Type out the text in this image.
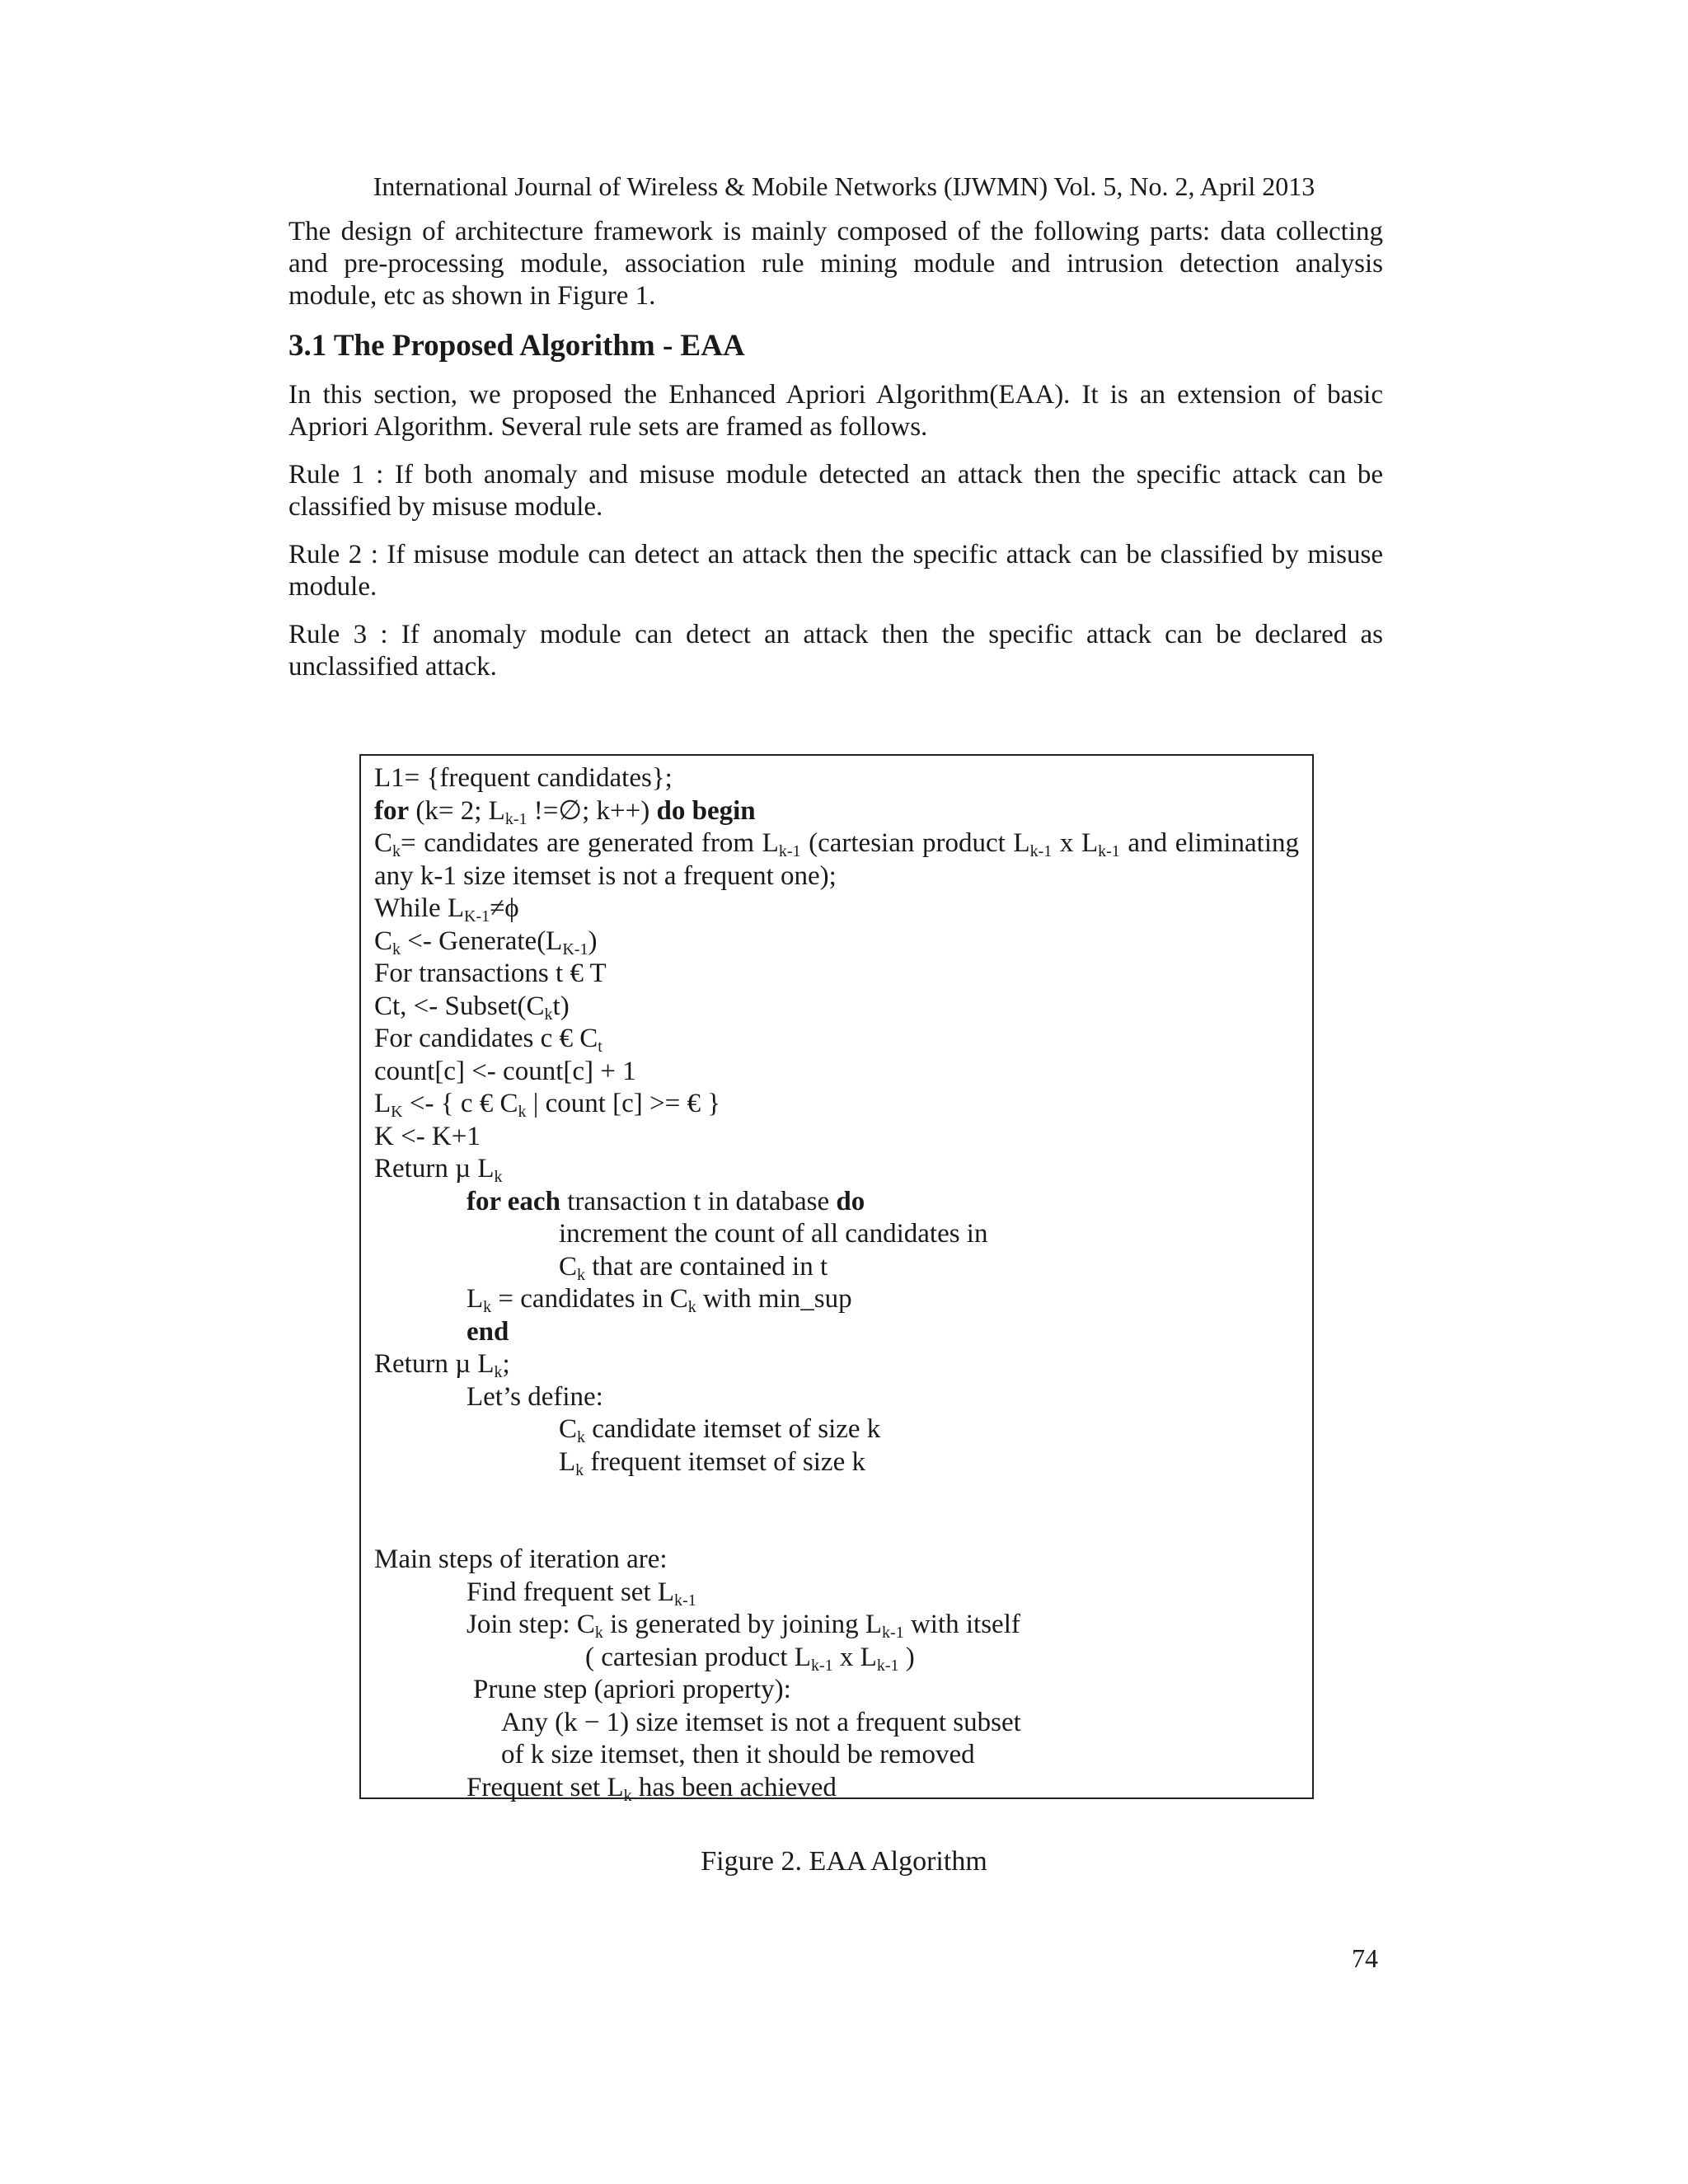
International Journal of Wireless & Mobile Networks (IJWMN) Vol. 5, No. 2, April 2013

The design of architecture framework is mainly composed of the following parts: data collecting and pre-processing module, association rule mining module and intrusion detection analysis module, etc as shown in Figure 1.

3.1 The Proposed Algorithm - EAA

In this section, we proposed the Enhanced Apriori Algorithm(EAA). It is an extension of basic Apriori Algorithm. Several rule sets are framed as follows.

Rule 1 : If both anomaly and misuse module detected an attack then the specific attack can be classified by misuse module.

Rule 2 : If misuse module can detect an attack then the specific attack can be classified by misuse module.

Rule 3 : If anomaly module can detect an attack then the specific attack can be declared as unclassified attack.

L1= {frequent candidates};
for (k= 2; $L_{k-1}$ !=∅; k++) do begin
$C_k=$ candidates are generated from $L_{k-1}$ (cartesian product $L_{k-1}$ x $L_{k-1}$ and eliminating any k-1 size itemset is not a frequent one);
While $L_{K-1}\ne\phi$
$C_k$ <- $Generate(L_{K-1})$
For transactions t € T
Ct, <- $Subset(C_kt)$
For candidates c € $C_t$
count[c] <- count[c] + 1
$L_K$ <- { c € $C_k$ | count [c] >= € }
K <- K+1
Return µ $L_k$
for each transaction t in database do
increment the count of all candidates in
$C_k$ that are contained in t
$L_k$ = candidates in $C_k$ with min_sup
end
Return µ $L_k$;
Let’s define:
$C_k$ candidate itemset of size k
$L_k$ frequent itemset of size k
Main steps of iteration are:
Find frequent set $L_{k-1}$
Join step: $C_k$ is generated by joining $L_{k-1}$ with itself
( cartesian product $L_{k-1}$ x $L_{k-1}$ )
Prune step (apriori property):
Any (k − 1) size itemset is not a frequent subset
of k size itemset, then it should be removed
Frequent set $L_k$ has been achieved
Figure 2. EAA Algorithm
74
